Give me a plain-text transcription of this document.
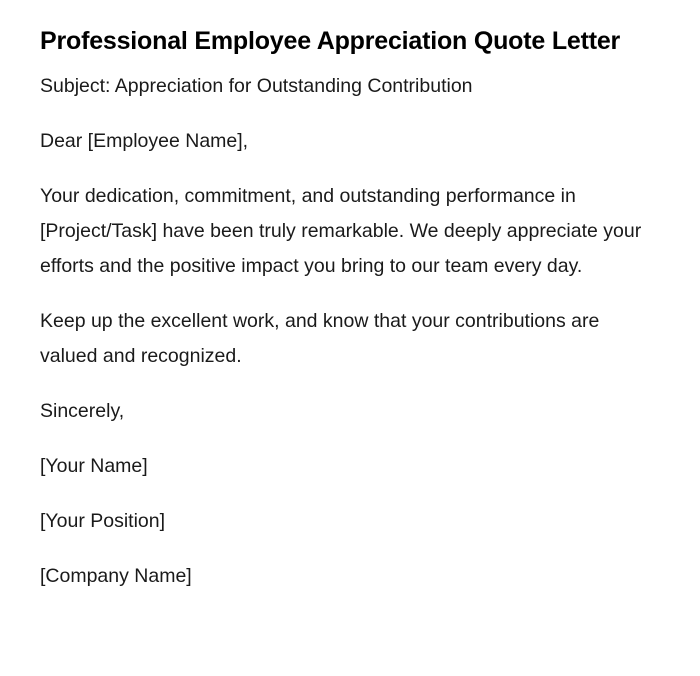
Professional Employee Appreciation Quote Letter

Subject: Appreciation for Outstanding Contribution

Dear [Employee Name],

Your dedication, commitment, and outstanding performance in [Project/Task] have been truly remarkable. We deeply appreciate your efforts and the positive impact you bring to our team every day.

Keep up the excellent work, and know that your contributions are valued and recognized.

Sincerely,

[Your Name]

[Your Position]

[Company Name]
